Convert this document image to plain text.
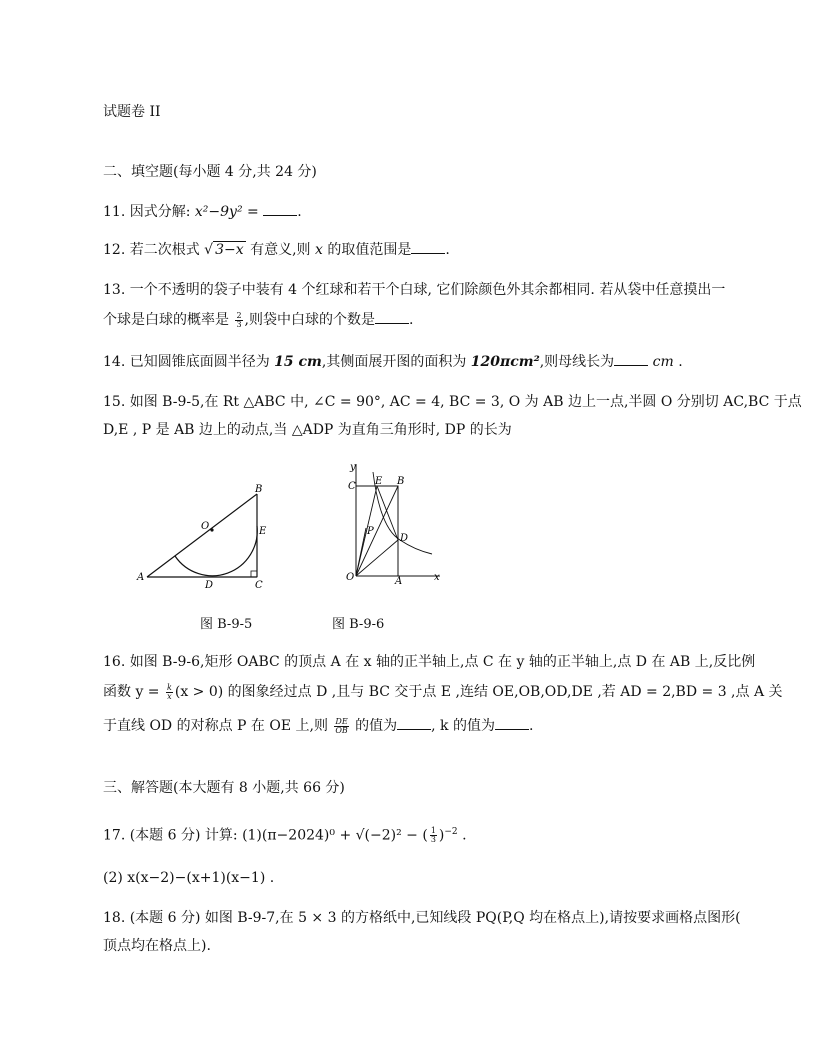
试题卷 II
二、填空题(每小题 4 分,共 24 分)
11. 因式分解: x²−9y² = .
12. 若二次根式 √ 3−x 有意义,则 x 的取值范围是 .
13. 一个不透明的袋子中装有 4 个红球和若干个白球, 它们除颜色外其余都相同. 若从袋中任意摸出一
个球是白球的概率是 $\frac{2}{3}$ ,则袋中白球的个数是 .
14. 已知圆锥底面圆半径为 15 cm,其侧面展开图的面积为 120πcm²,则母线长为 cm .
15. 如图 B-9-5,在 Rt △ABC 中, ∠C = 90°, AC = 4, BC = 3, O 为 AB 边上一点,半圆 O 分别切 AC,BC 于点
D,E , P 是 AB 边上的动点,当 △ADP 为直角三角形时, DP 的长为
A
B
C
D
E
O
图 B-9-5
y
C E B
P
D
O	A	x
图 B-9-6
16. 如图 B-9-6,矩形 OABC 的顶点 A 在 x 轴的正半轴上,点 C 在 y 轴的正半轴上,点 D 在 AB 上,反比例
函数 $y = \frac{k}{x} (x > 0)$ 的图象经过点 D ,且与 BC 交于点 E ,连结 OE,OB,OD,DE ,若 AD = 2,BD = 3 ,点 A 关
于直线 OD 的对称点 P 在 OE 上,则 $\frac{DE}{OB}$ 的值为 , k 的值为 .
三、解答题(本大题有 8 小题,共 66 分)
17. (本题 6 分) 计算: (1)(π−2024)⁰ + √(−2)² − ( $\frac{1}{3} )^{-2}$ .
(2) x(x−2)−(x+1)(x−1) .
18. (本题 6 分) 如图 B-9-7,在 5 × 3 的方格纸中,已知线段 PQ(P,Q 均在格点上),请按要求画格点图形(
顶点均在格点上).
